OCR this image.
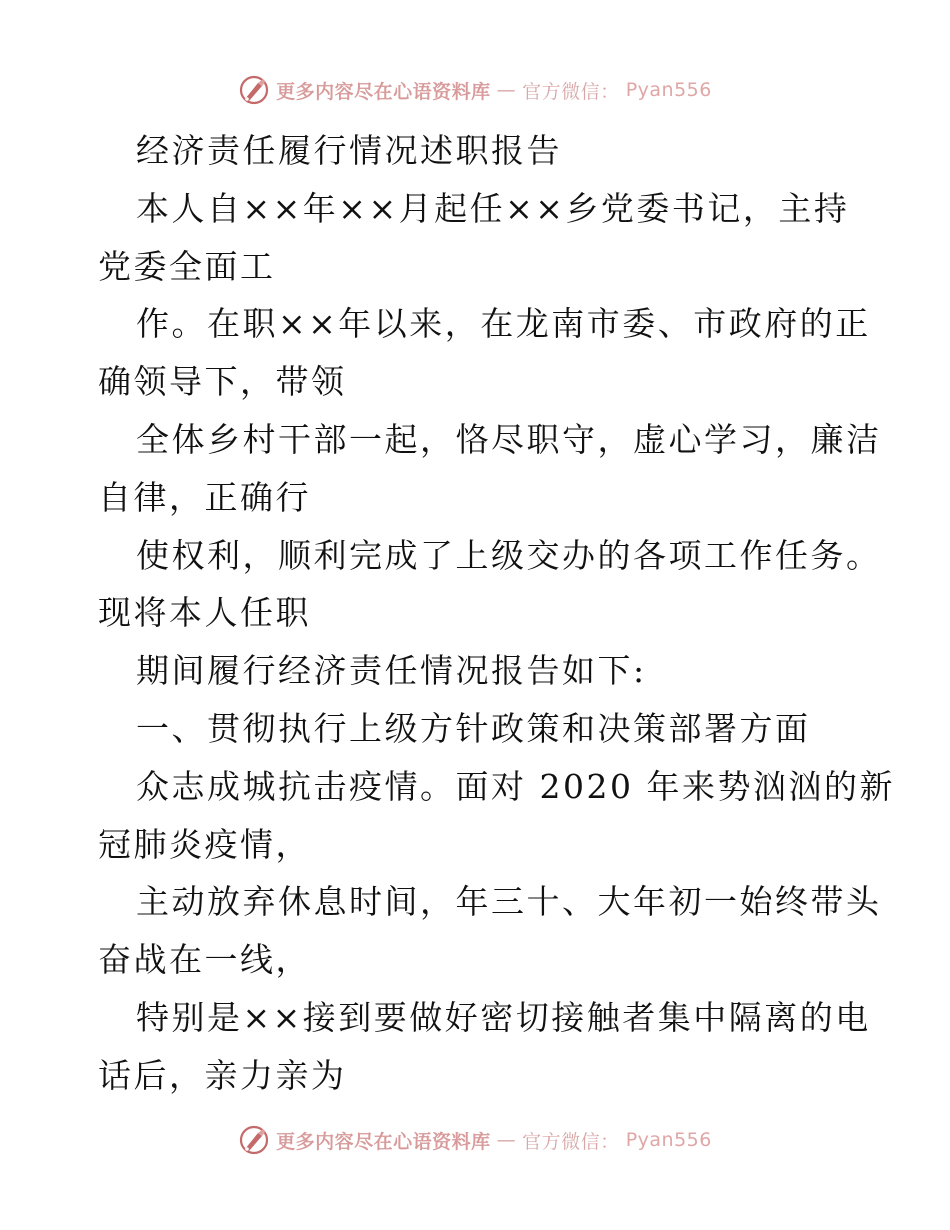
更多内容尽在心语资料库 — 官方微信： Pyan556

经济责任履行情况述职报告

本人自××年××月起任××乡党委书记，主持

党委全面工

作。在职××年以来，在龙南市委、市政府的正

确领导下，带领

全体乡村干部一起，恪尽职守，虚心学习，廉洁

自律，正确行

使权利，顺利完成了上级交办的各项工作任务。

现将本人任职

期间履行经济责任情况报告如下:

一、贯彻执行上级方针政策和决策部署方面

众志成城抗击疫情。面对 2020 年来势汹汹的新

冠肺炎疫情，

主动放弃休息时间，年三十、大年初一始终带头

奋战在一线，

特别是××接到要做好密切接触者集中隔离的电

话后，亲力亲为

更多内容尽在心语资料库 — 官方微信： Pyan556
